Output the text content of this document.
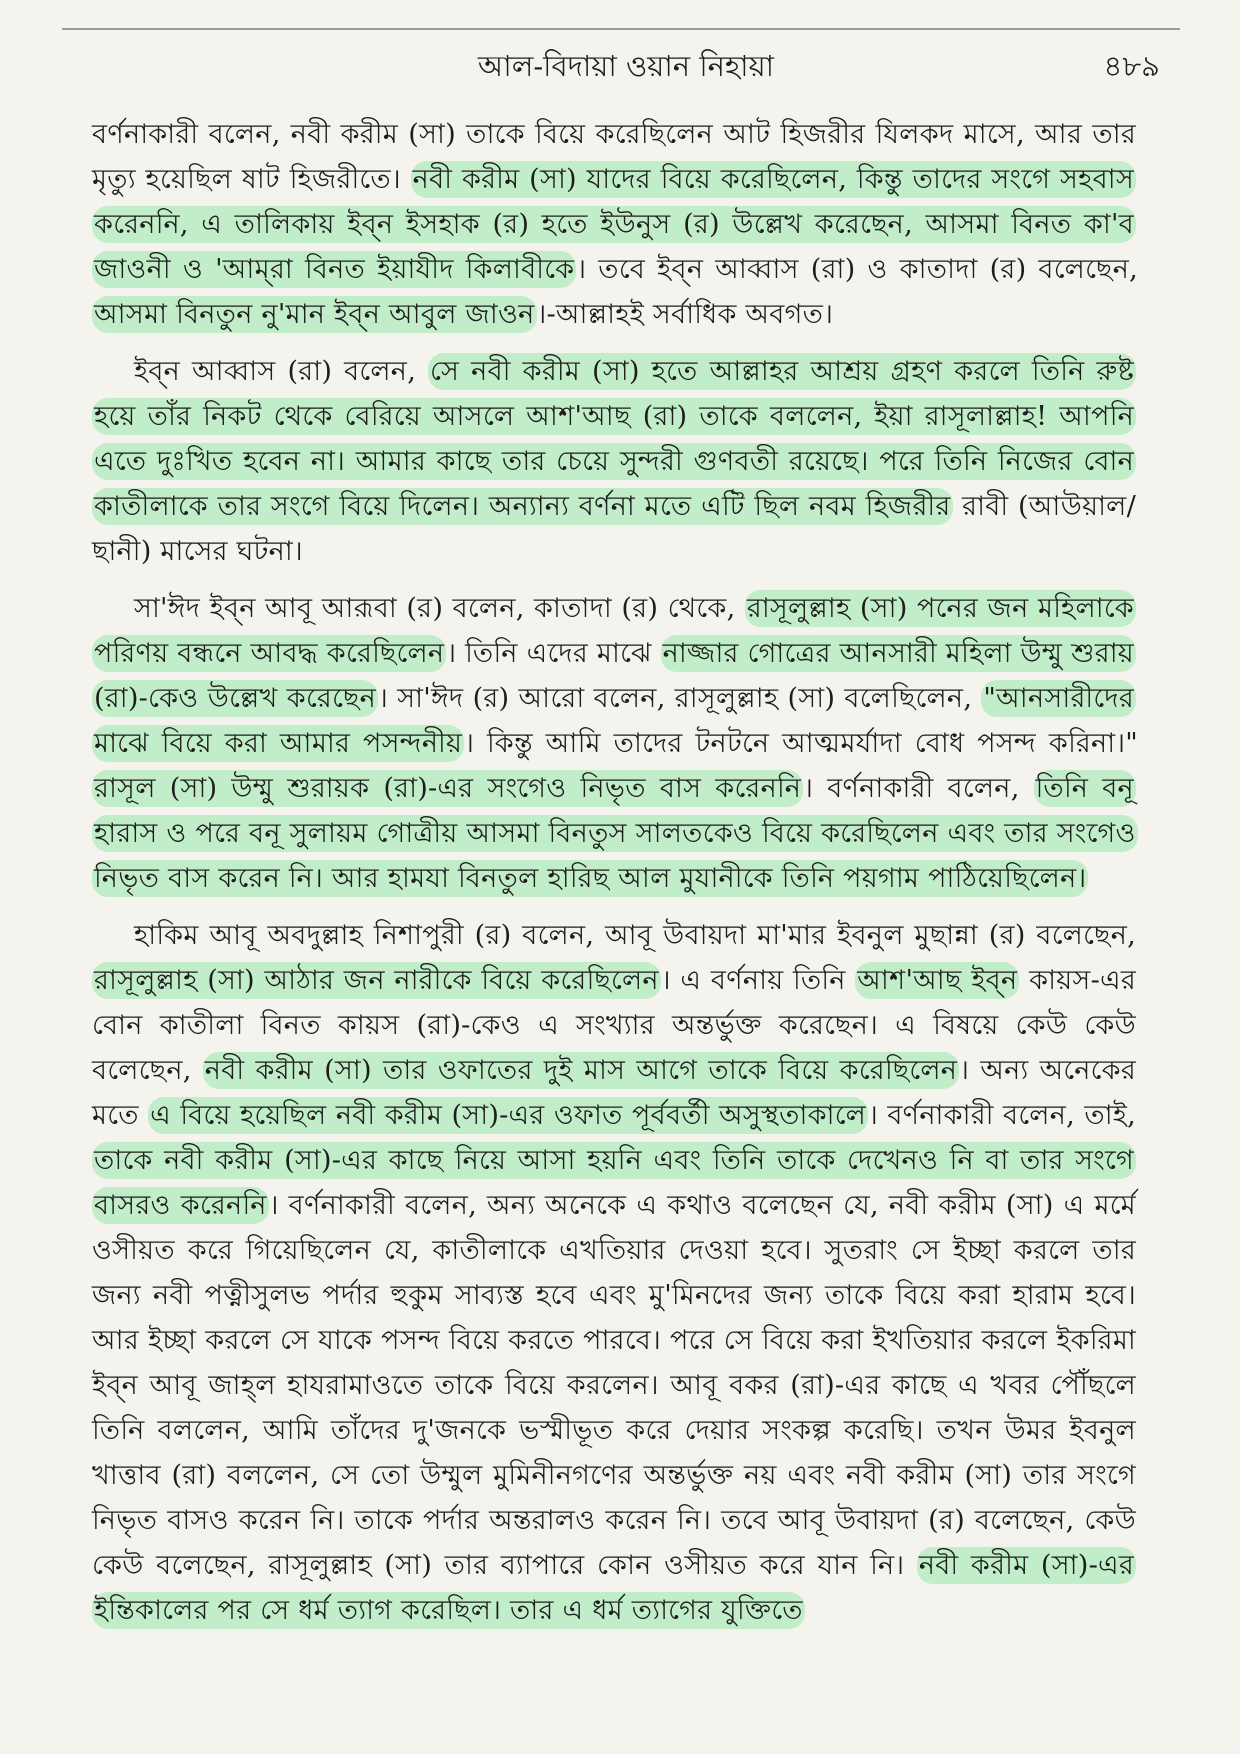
আল-বিদায়া ওয়ান নিহায়া	৪৮৯

বর্ণনাকারী বলেন, নবী করীম (সা) তাকে বিয়ে করেছিলেন আট হিজরীর যিলকদ মাসে, আর তার মৃত্যু হয়েছিল ষাট হিজরীতে। নবী করীম (সা) যাদের বিয়ে করেছিলেন, কিন্তু তাদের সংগে সহবাস করেননি, এ তালিকায় ইব্‌ন ইসহাক (র) হতে ইউনুস (র) উল্লেখ করেছেন, আসমা বিনত কা'ব জাওনী ও 'আম্‌রা বিনত ইয়াযীদ কিলাবীকে। তবে ইব্‌ন আব্বাস (রা) ও কাতাদা (র) বলেছেন, আসমা বিনতুন নু'মান ইব্‌ন আবুল জাওন।-আল্লাহই সর্বাধিক অবগত।

ইব্‌ন আব্বাস (রা) বলেন, সে নবী করীম (সা) হতে আল্লাহর আশ্রয় গ্রহণ করলে তিনি রুষ্ট হয়ে তাঁর নিকট থেকে বেরিয়ে আসলে আশ'আছ (রা) তাকে বললেন, ইয়া রাসূলাল্লাহ! আপনি এতে দুঃখিত হবেন না। আমার কাছে তার চেয়ে সুন্দরী গুণবতী রয়েছে। পরে তিনি নিজের বোন কাতীলাকে তার সংগে বিয়ে দিলেন। অন্যান্য বর্ণনা মতে এটি ছিল নবম হিজরীর রাবী (আউয়াল/ছানী) মাসের ঘটনা।

সা'ঈদ ইব্‌ন আবূ আরূবা (র) বলেন, কাতাদা (র) থেকে, রাসূলুল্লাহ (সা) পনের জন মহিলাকে পরিণয় বন্ধনে আবদ্ধ করেছিলেন। তিনি এদের মাঝে নাজ্জার গোত্রের আনসারী মহিলা উম্মু শুরায় (রা)-কেও উল্লেখ করেছেন। সা'ঈদ (র) আরো বলেন, রাসূলুল্লাহ (সা) বলেছিলেন, "আনসারীদের মাঝে বিয়ে করা আমার পসন্দনীয়। কিন্তু আমি তাদের টনটনে আত্মমর্যাদা বোধ পসন্দ করিনা।" রাসূল (সা) উম্মু শুরায়ক (রা)-এর সংগেও নিভৃত বাস করেননি। বর্ণনাকারী বলেন, তিনি বনূ হারাস ও পরে বনূ সুলায়ম গোত্রীয় আসমা বিনতুস সালতকেও বিয়ে করেছিলেন এবং তার সংগেও নিভৃত বাস করেন নি। আর হামযা বিনতুল হারিছ আল মুযানীকে তিনি পয়গাম পাঠিয়েছিলেন।

হাকিম আবূ অবদুল্লাহ নিশাপুরী (র) বলেন, আবূ উবায়দা মা'মার ইবনুল মুছান্না (র) বলেছেন, রাসূলুল্লাহ (সা) আঠার জন নারীকে বিয়ে করেছিলেন। এ বর্ণনায় তিনি আশ'আছ ইব্‌ন কায়স-এর বোন কাতীলা বিনত কায়স (রা)-কেও এ সংখ্যার অন্তর্ভুক্ত করেছেন। এ বিষয়ে কেউ কেউ বলেছেন, নবী করীম (সা) তার ওফাতের দুই মাস আগে তাকে বিয়ে করেছিলেন। অন্য অনেকের মতে এ বিয়ে হয়েছিল নবী করীম (সা)-এর ওফাত পূর্ববর্তী অসুস্থতাকালে। বর্ণনাকারী বলেন, তাই, তাকে নবী করীম (সা)-এর কাছে নিয়ে আসা হয়নি এবং তিনি তাকে দেখেনও নি বা তার সংগে বাসরও করেননি। বর্ণনাকারী বলেন, অন্য অনেকে এ কথাও বলেছেন যে, নবী করীম (সা) এ মর্মে ওসীয়ত করে গিয়েছিলেন যে, কাতীলাকে এখতিয়ার দেওয়া হবে। সুতরাং সে ইচ্ছা করলে তার জন্য নবী পত্নীসুলভ পর্দার হুকুম সাব্যস্ত হবে এবং মু'মিনদের জন্য তাকে বিয়ে করা হারাম হবে। আর ইচ্ছা করলে সে যাকে পসন্দ বিয়ে করতে পারবে। পরে সে বিয়ে করা ইখতিয়ার করলে ইকরিমা ইব্‌ন আবূ জাহ্‌ল হাযরামাওতে তাকে বিয়ে করলেন। আবূ বকর (রা)-এর কাছে এ খবর পৌঁছলে তিনি বললেন, আমি তাঁদের দু'জনকে ভস্মীভূত করে দেয়ার সংকল্প করেছি। তখন উমর ইবনুল খাত্তাব (রা) বললেন, সে তো উম্মুল মুমিনীনগণের অন্তর্ভুক্ত নয় এবং নবী করীম (সা) তার সংগে নিভৃত বাসও করেন নি। তাকে পর্দার অন্তরালও করেন নি। তবে আবূ উবায়দা (র) বলেছেন, কেউ কেউ বলেছেন, রাসূলুল্লাহ (সা) তার ব্যাপারে কোন ওসীয়ত করে যান নি। নবী করীম (সা)-এর ইন্তিকালের পর সে ধর্ম ত্যাগ করেছিল। তার এ ধর্ম ত্যাগের যুক্তিতে
